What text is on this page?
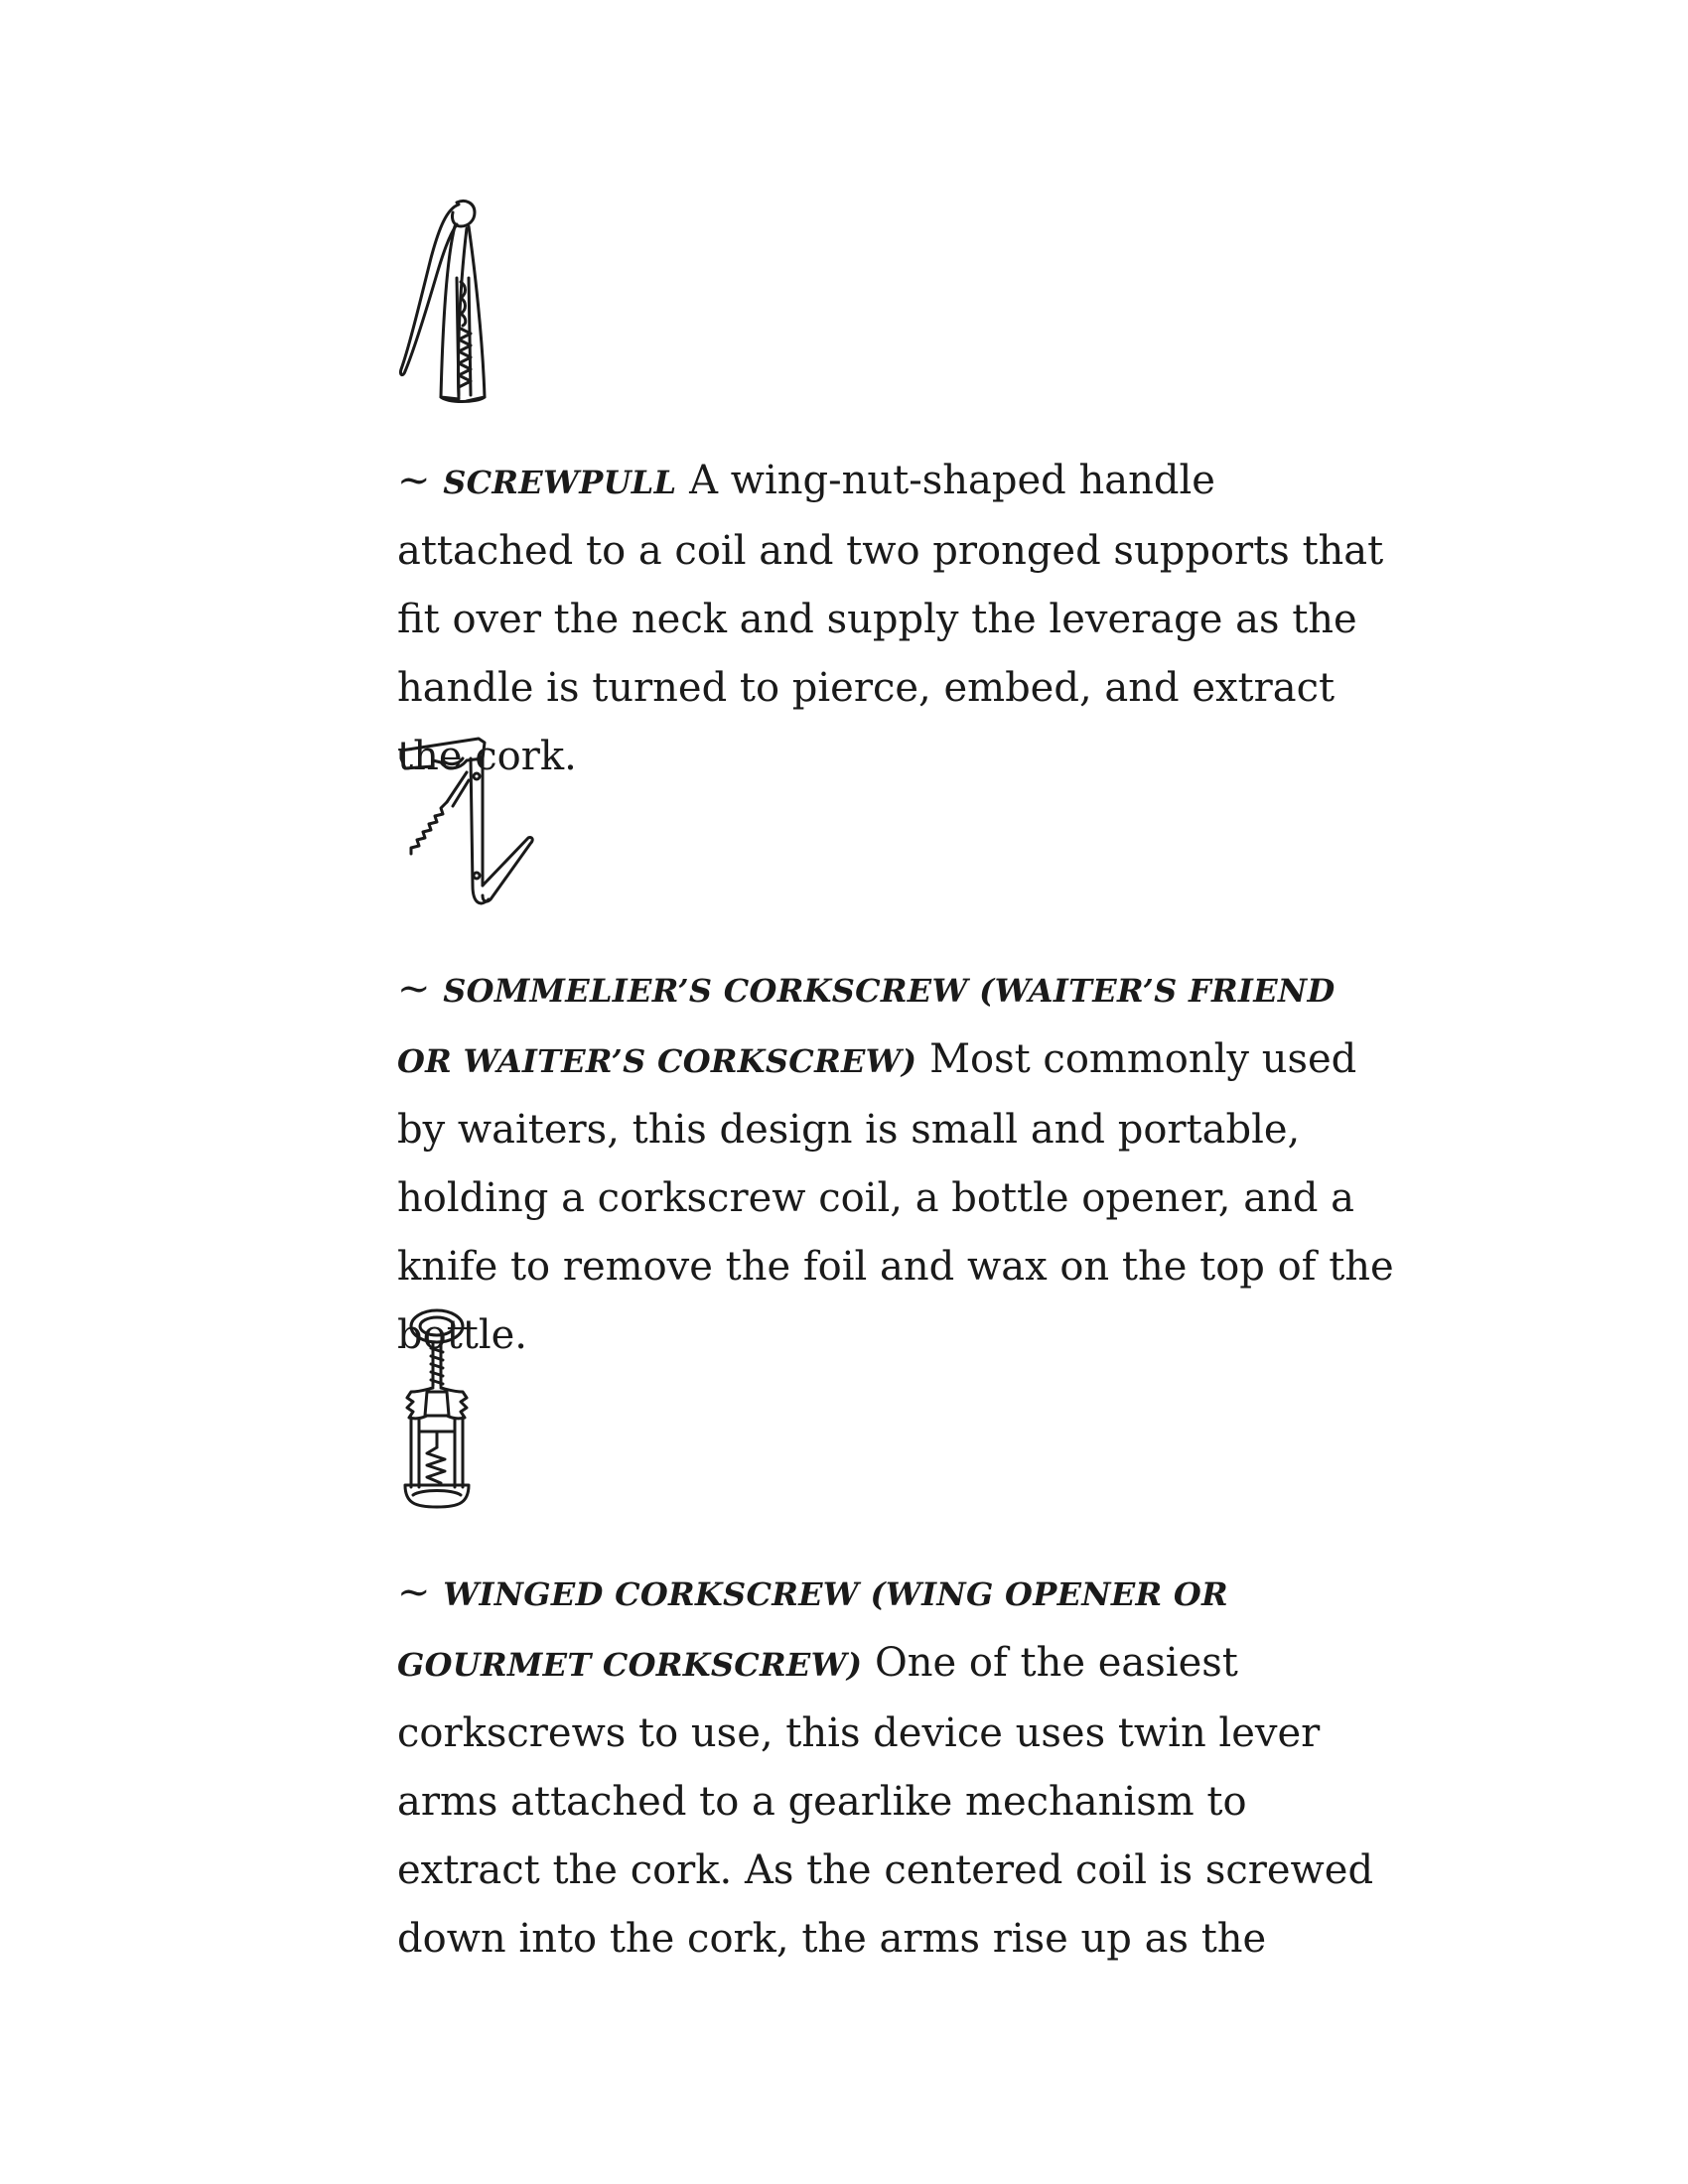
~ SCREWPULL A wing-nut-shaped handle attached to a coil and two pronged supports that fit over the neck and supply the leverage as the handle is turned to pierce, embed, and extract the cork.

~ SOMMELIER’S CORKSCREW (WAITER’S FRIEND OR WAITER’S CORKSCREW) Most commonly used by waiters, this design is small and portable, holding a corkscrew coil, a bottle opener, and a knife to remove the foil and wax on the top of the bottle.

~ WINGED CORKSCREW (WING OPENER OR GOURMET CORKSCREW) One of the easiest corkscrews to use, this device uses twin lever arms attached to a gearlike mechanism to extract the cork. As the centered coil is screwed down into the cork, the arms rise up as the
